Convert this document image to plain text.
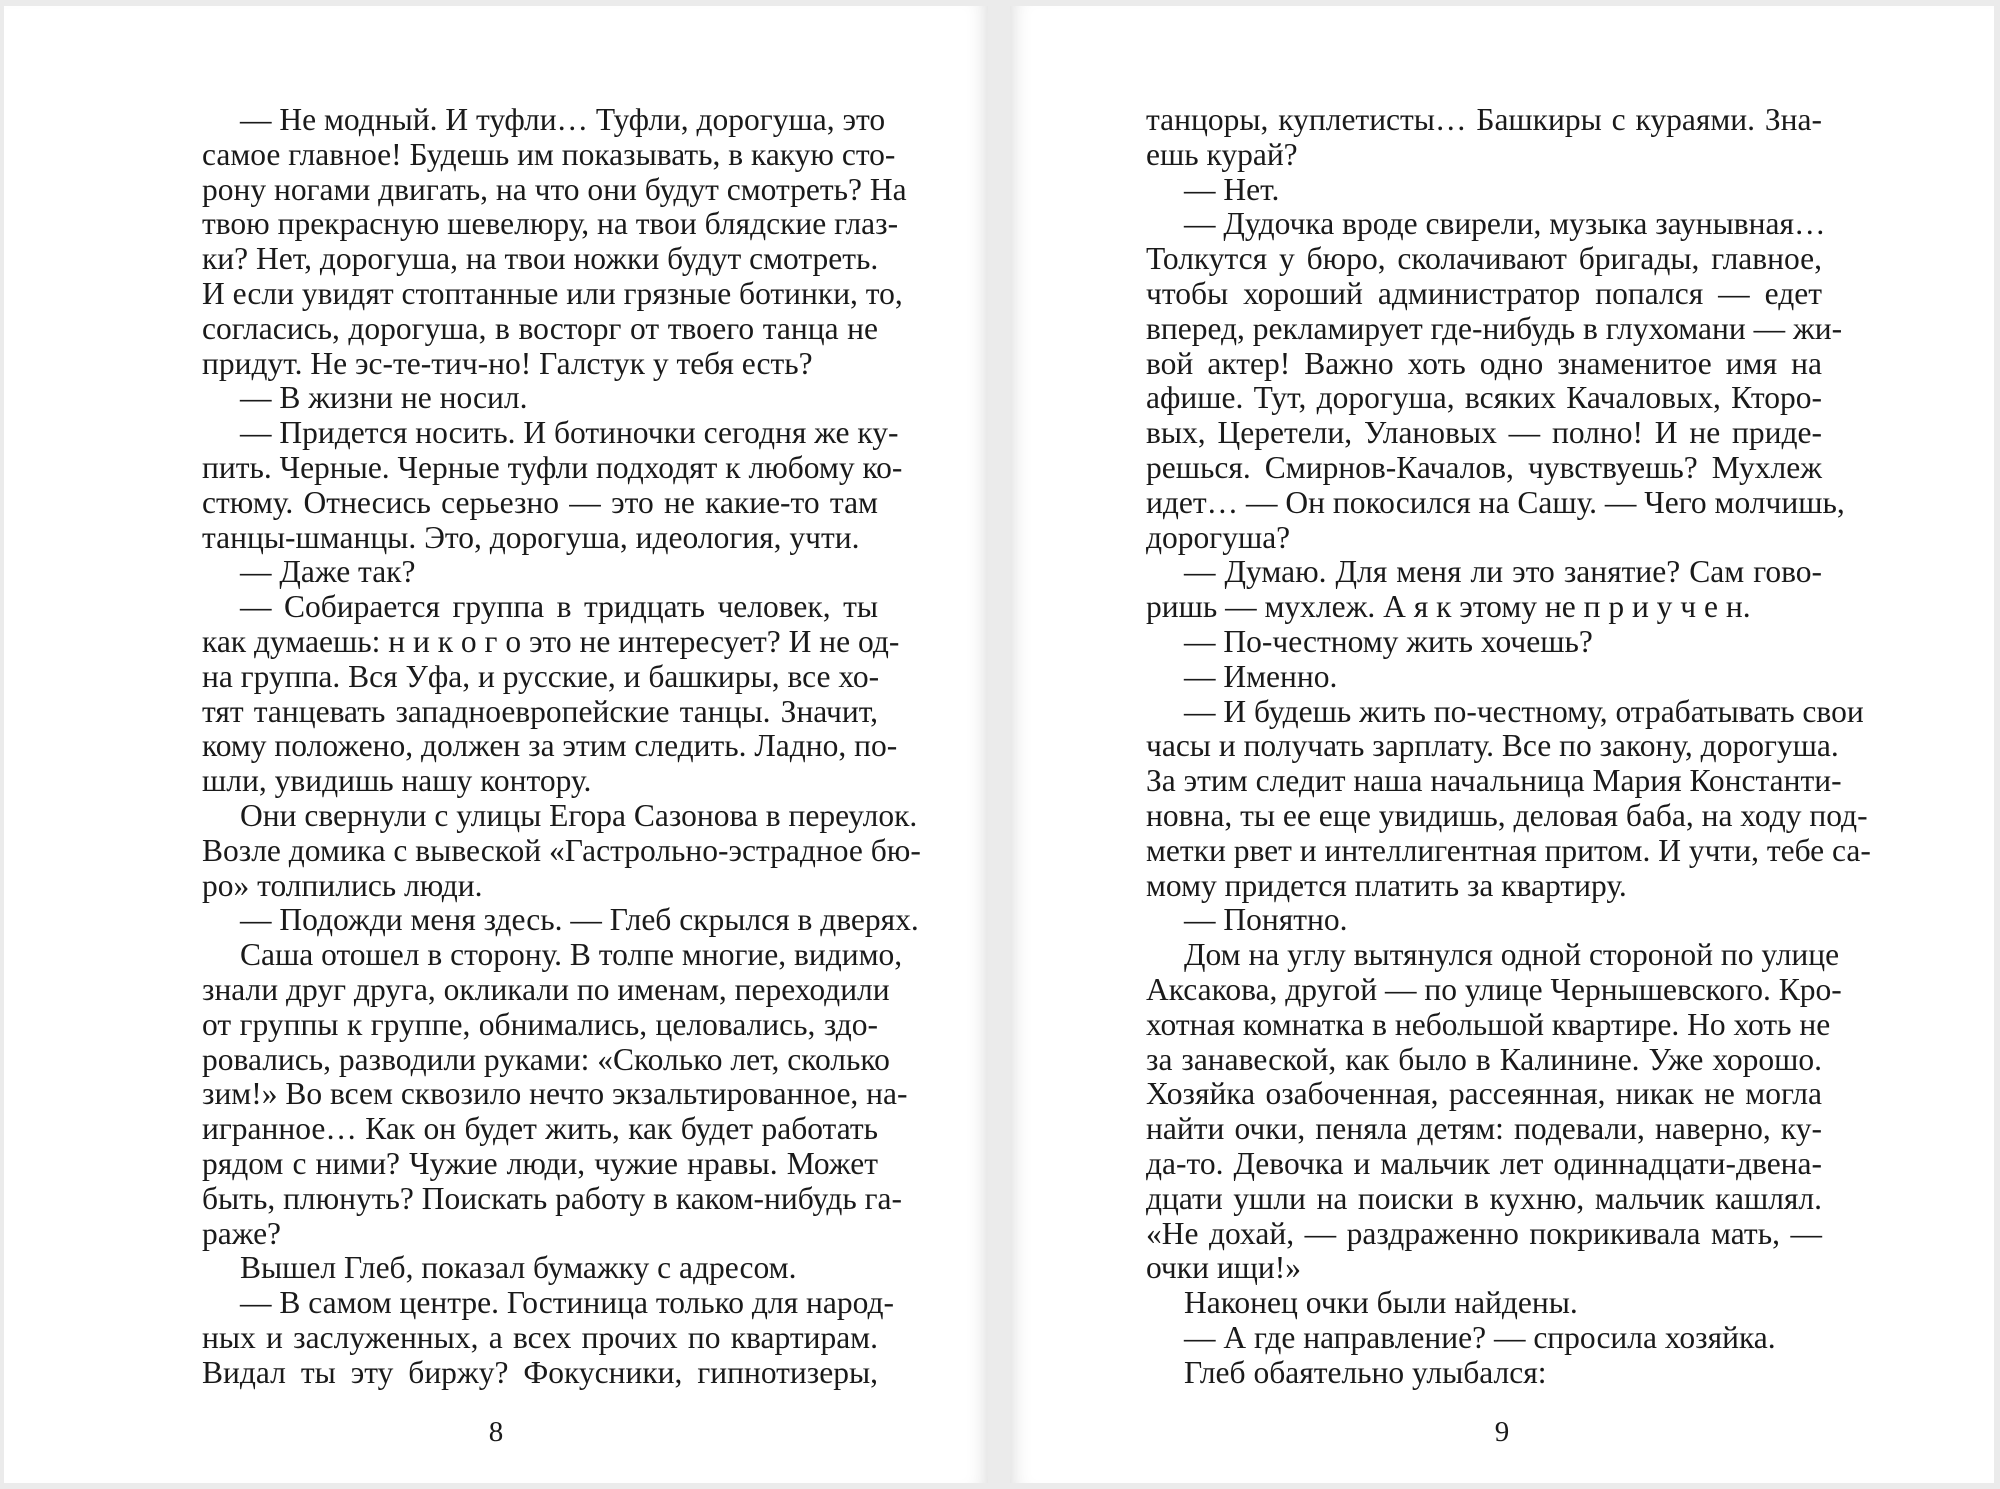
— Не модный. И туфли… Туфли, дорогуша, это
самое главное! Будешь им показывать, в какую сто-
рону ногами двигать, на что они будут смотреть? На
твою прекрасную шевелюру, на твои блядские глаз-
ки? Нет, дорогуша, на твои ножки будут смотреть.
И если увидят стоптанные или грязные ботинки, то,
согласись, дорогуша, в восторг от твоего танца не
придут. Не эс-те-тич-но! Галстук у тебя есть?
— В жизни не носил.
— Придется носить. И ботиночки сегодня же ку-
пить. Черные. Черные туфли подходят к любому ко-
стюму. Отнесись серьезно — это не какие-то там
танцы-шманцы. Это, дорогуша, идеология, учти.
— Даже так?
— Собирается группа в тридцать человек, ты
как думаешь: н и к о г о это не интересует? И не од-
на группа. Вся Уфа, и русские, и башкиры, все хо-
тят танцевать западноевропейские танцы. Значит,
кому положено, должен за этим следить. Ладно, по-
шли, увидишь нашу контору.
Они свернули с улицы Егора Сазонова в переулок.
Возле домика с вывеской «Гастрольно-эстрадное бю-
ро» толпились люди.
— Подожди меня здесь. — Глеб скрылся в дверях.
Саша отошел в сторону. В толпе многие, видимо,
знали друг друга, окликали по именам, переходили
от группы к группе, обнимались, целовались, здо-
ровались, разводили руками: «Сколько лет, сколько
зим!» Во всем сквозило нечто экзальтированное, на-
игранное… Как он будет жить, как будет работать
рядом с ними? Чужие люди, чужие нравы. Может
быть, плюнуть? Поискать работу в каком-нибудь га-
раже?
Вышел Глеб, показал бумажку с адресом.
— В самом центре. Гостиница только для народ-
ных и заслуженных, а всех прочих по квартирам.
Видал ты эту биржу? Фокусники, гипнотизеры,
8
танцоры, куплетисты… Башкиры с кураями. Зна-
ешь курай?
— Нет.
— Дудочка вроде свирели, музыка заунывная…
Толкутся у бюро, сколачивают бригады, главное,
чтобы хороший администратор попался — едет
вперед, рекламирует где-нибудь в глухомани — жи-
вой актер! Важно хоть одно знаменитое имя на
афише. Тут, дорогуша, всяких Качаловых, Кторо-
вых, Церетели, Улановых — полно! И не приде-
решься. Смирнов-Качалов, чувствуешь? Мухлеж
идет… — Он покосился на Сашу. — Чего молчишь,
дорогуша?
— Думаю. Для меня ли это занятие? Сам гово-
ришь — мухлеж. А я к этому не п р и у ч е н.
— По-честному жить хочешь?
— Именно.
— И будешь жить по-честному, отрабатывать свои
часы и получать зарплату. Все по закону, дорогуша.
За этим следит наша начальница Мария Константи-
новна, ты ее еще увидишь, деловая баба, на ходу под-
метки рвет и интеллигентная притом. И учти, тебе са-
мому придется платить за квартиру.
— Понятно.
Дом на углу вытянулся одной стороной по улице
Аксакова, другой — по улице Чернышевского. Кро-
хотная комнатка в небольшой квартире. Но хоть не
за занавеской, как было в Калинине. Уже хорошо.
Хозяйка озабоченная, рассеянная, никак не могла
найти очки, пеняла детям: подевали, наверно, ку-
да-то. Девочка и мальчик лет одиннадцати-двена-
дцати ушли на поиски в кухню, мальчик кашлял.
«Не дохай, — раздраженно покрикивала мать, —
очки ищи!»
Наконец очки были найдены.
— А где направление? — спросила хозяйка.
Глеб обаятельно улыбался:
9
